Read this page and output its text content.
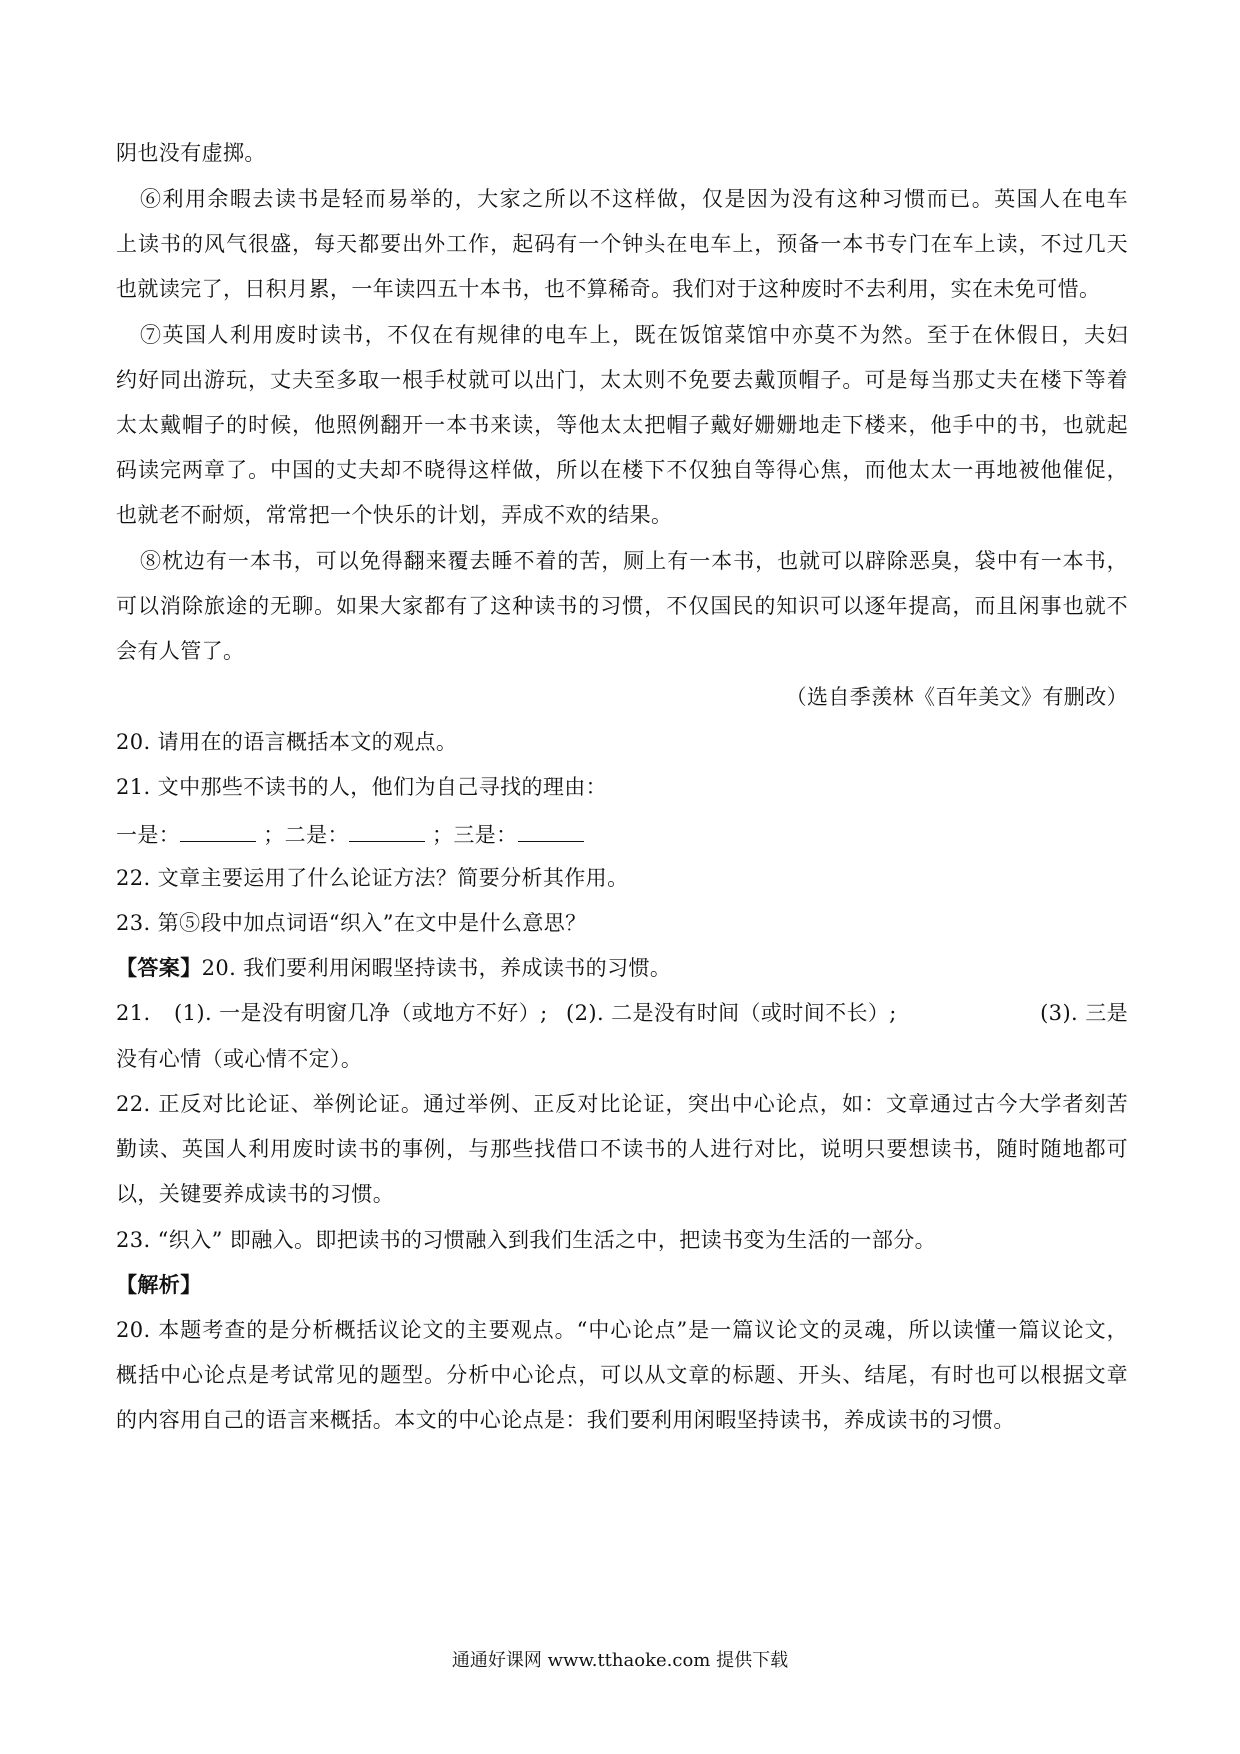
阴也没有虚掷。
⑥利用余暇去读书是轻而易举的，大家之所以不这样做，仅是因为没有这种习惯而已。英国人在电车
上读书的风气很盛，每天都要出外工作，起码有一个钟头在电车上，预备一本书专门在车上读，不过几天
也就读完了，日积月累，一年读四五十本书，也不算稀奇。我们对于这种废时不去利用，实在未免可惜。
⑦英国人利用废时读书，不仅在有规律的电车上，既在饭馆菜馆中亦莫不为然。至于在休假日，夫妇
约好同出游玩，丈夫至多取一根手杖就可以出门，太太则不免要去戴顶帽子。可是每当那丈夫在楼下等着
太太戴帽子的时候，他照例翻开一本书来读，等他太太把帽子戴好姗姗地走下楼来，他手中的书，也就起
码读完两章了。中国的丈夫却不晓得这样做，所以在楼下不仅独自等得心焦，而他太太一再地被他催促，
也就老不耐烦，常常把一个快乐的计划，弄成不欢的结果。
⑧枕边有一本书，可以免得翻来覆去睡不着的苦，厕上有一本书，也就可以辟除恶臭，袋中有一本书，
可以消除旅途的无聊。如果大家都有了这种读书的习惯，不仅国民的知识可以逐年提高，而且闲事也就不
会有人管了。
（选自季羡林《百年美文》有删改）
20. 请用在的语言概括本文的观点。
21. 文中那些不读书的人，他们为自己寻找的理由：
一是：	；二是：	；三是：
22. 文章主要运用了什么论证方法？简要分析其作用。
23. 第⑤段中加点词语“织入”在文中是什么意思？
【答案】20. 我们要利用闲暇坚持读书，养成读书的习惯。
21. (1). 一是没有明窗几净（或地方不好）; (2). 二是没有时间（或时间不长）;	(3). 三是
没有心情（或心情不定）。
22. 正反对比论证、举例论证。通过举例、正反对比论证，突出中心论点，如：文章通过古今大学者刻苦
勤读、英国人利用废时读书的事例，与那些找借口不读书的人进行对比，说明只要想读书，随时随地都可
以，关键要养成读书的习惯。
23. “织入” 即融入。即把读书的习惯融入到我们生活之中，把读书变为生活的一部分。
【解析】
20. 本题考查的是分析概括议论文的主要观点。“中心论点”是一篇议论文的灵魂，所以读懂一篇议论文，
概括中心论点是考试常见的题型。分析中心论点，可以从文章的标题、开头、结尾，有时也可以根据文章
的内容用自己的语言来概括。本文的中心论点是：我们要利用闲暇坚持读书，养成读书的习惯。
通通好课网 www.tthaoke.com 提供下载
